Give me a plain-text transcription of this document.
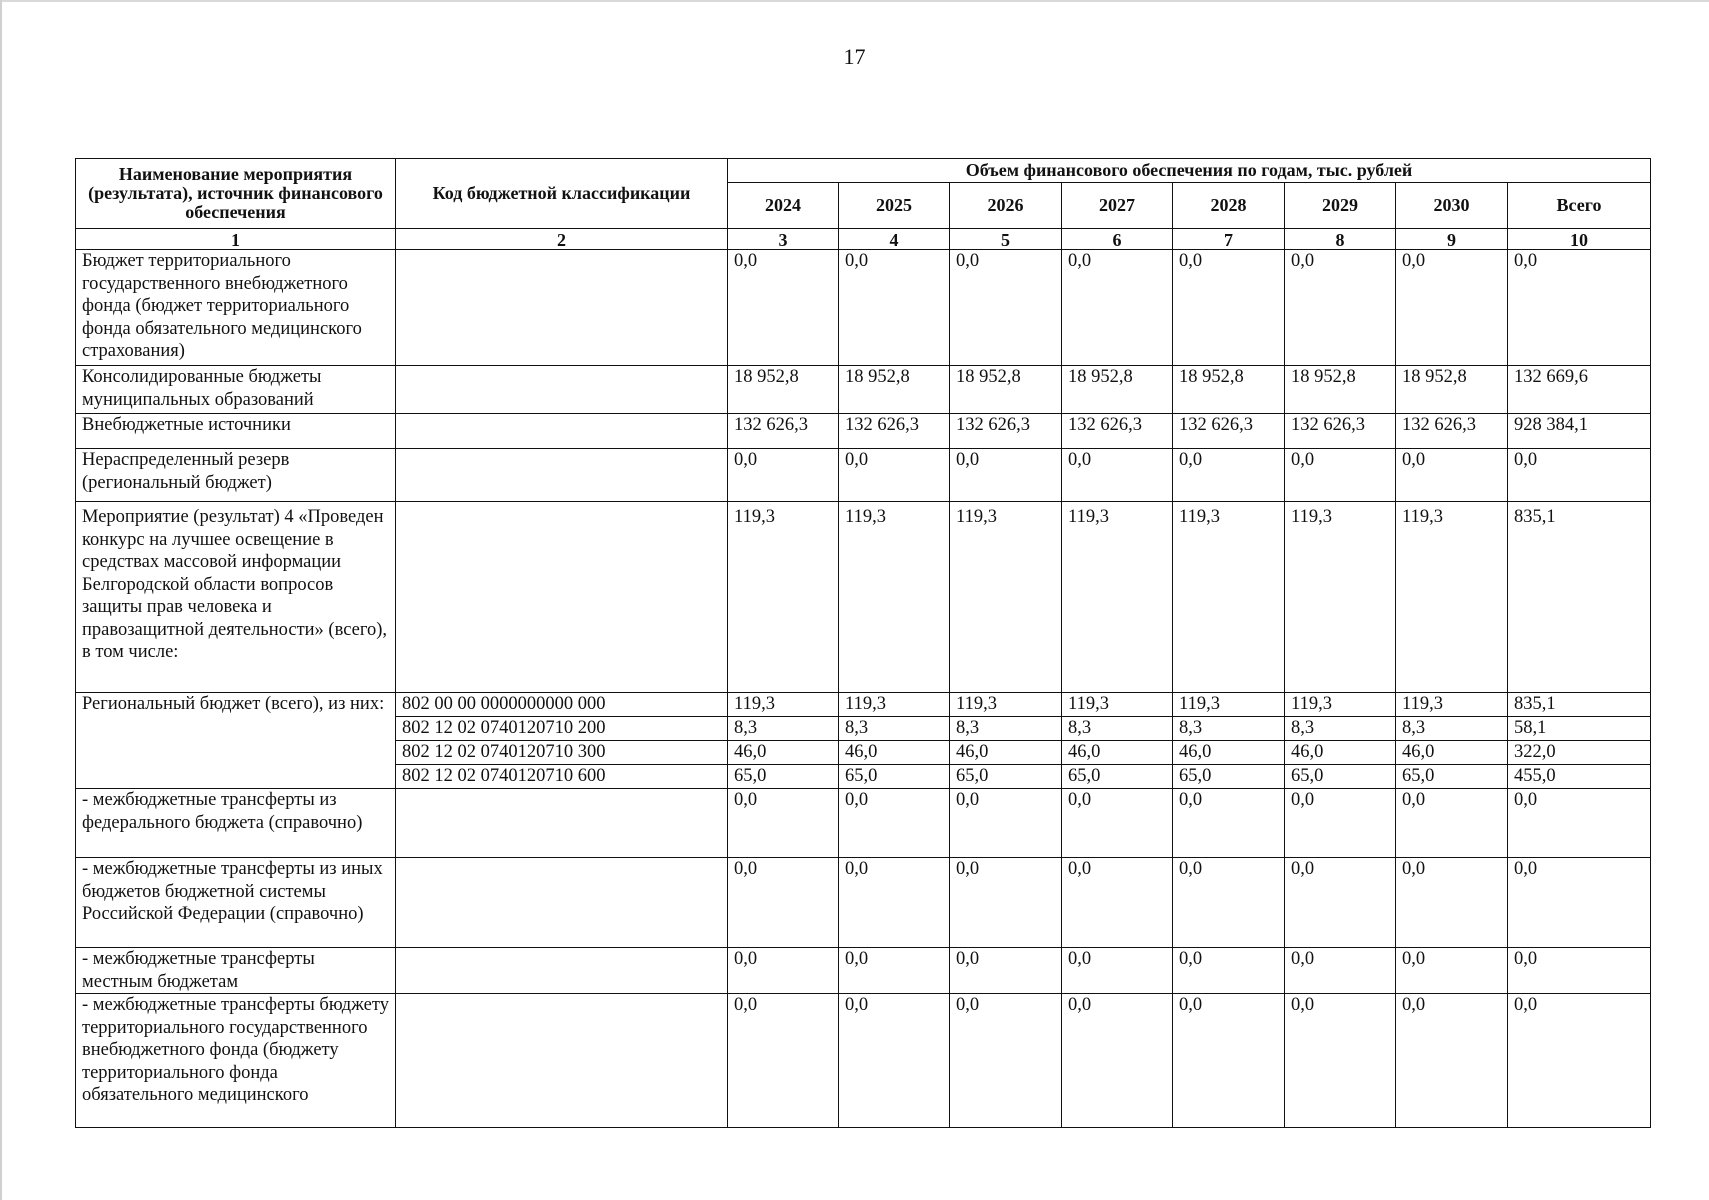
17
Наименование мероприятия (результата), источник финансового обеспечения	Код бюджетной классификации	Объем финансового обеспечения по годам, тыс. рублей							
		2024	2025	2026	2027	2028	2029	2030	Всего
1	2	3	4	5	6	7	8	9	10
Бюджет территориального государственного внебюджетного фонда (бюджет территориального фонда обязательного медицинского страхования)		0,0	0,0	0,0	0,0	0,0	0,0	0,0	0,0
Консолидированные бюджеты муниципальных образований		18 952,8	18 952,8	18 952,8	18 952,8	18 952,8	18 952,8	18 952,8	132 669,6
Внебюджетные источники		132 626,3	132 626,3	132 626,3	132 626,3	132 626,3	132 626,3	132 626,3	928 384,1
Нераспределенный резерв (региональный бюджет)		0,0	0,0	0,0	0,0	0,0	0,0	0,0	0,0
Мероприятие (результат) 4 «Проведен конкурс на лучшее освещение в средствах массовой информации Белгородской области вопросов защиты прав человека и правозащитной деятельности» (всего), в том числе:		119,3	119,3	119,3	119,3	119,3	119,3	119,3	835,1
Региональный бюджет (всего), из них:	802 00 00 0000000000 000	119,3	119,3	119,3	119,3	119,3	119,3	119,3	835,1
	802 12 02 0740120710 200	8,3	8,3	8,3	8,3	8,3	8,3	8,3	58,1
	802 12 02 0740120710 300	46,0	46,0	46,0	46,0	46,0	46,0	46,0	322,0
	802 12 02 0740120710 600	65,0	65,0	65,0	65,0	65,0	65,0	65,0	455,0
- межбюджетные трансферты из федерального бюджета (справочно)		0,0	0,0	0,0	0,0	0,0	0,0	0,0	0,0
- межбюджетные трансферты из иных бюджетов бюджетной системы Российской Федерации (справочно)		0,0	0,0	0,0	0,0	0,0	0,0	0,0	0,0
- межбюджетные трансферты местным бюджетам		0,0	0,0	0,0	0,0	0,0	0,0	0,0	0,0
- межбюджетные трансферты бюджету территориального государственного внебюджетного фонда (бюджету территориального фонда обязательного медицинского		0,0	0,0	0,0	0,0	0,0	0,0	0,0	0,0
